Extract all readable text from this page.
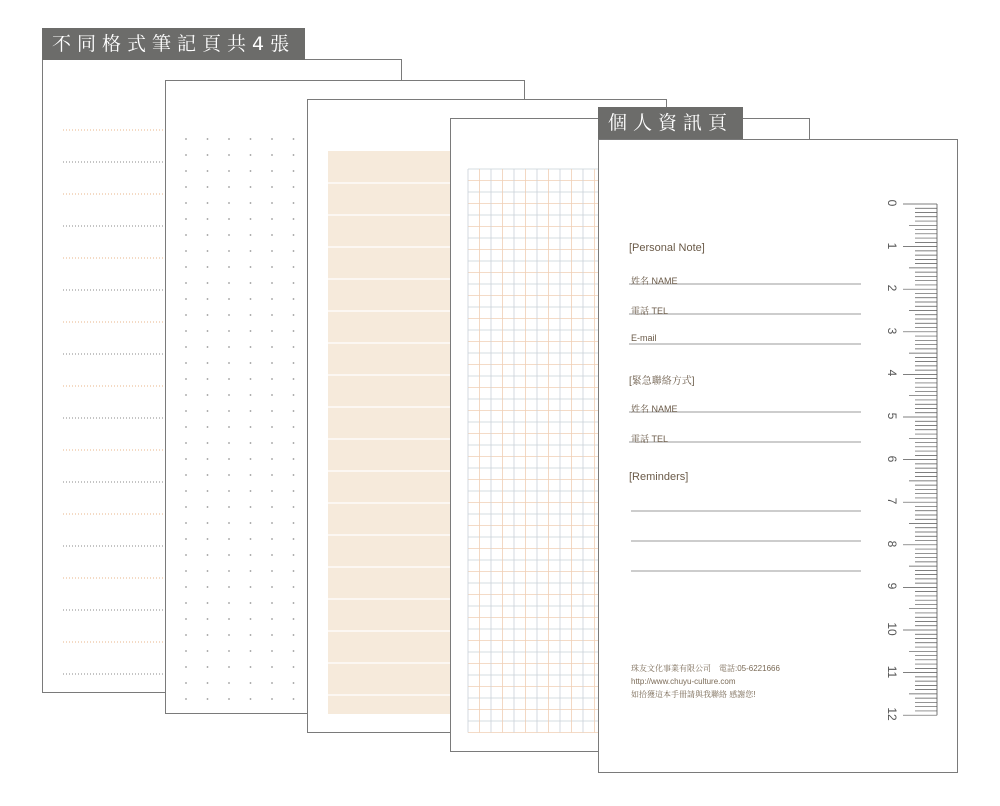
[Personal Note]
姓名 NAME
電話 TEL
E-mail
[緊急聯絡方式]
姓名 NAME
電話 TEL
[Reminders]
珠友文化事業有限公司　電話:05-6221666
http://www.chuyu-culture.com
如拾獲這本手冊請與我聯絡 感謝您!
0
1
2
3
4
5
6
7
8
9
10
11
12
不同格式筆記頁共4張
個人資訊頁
